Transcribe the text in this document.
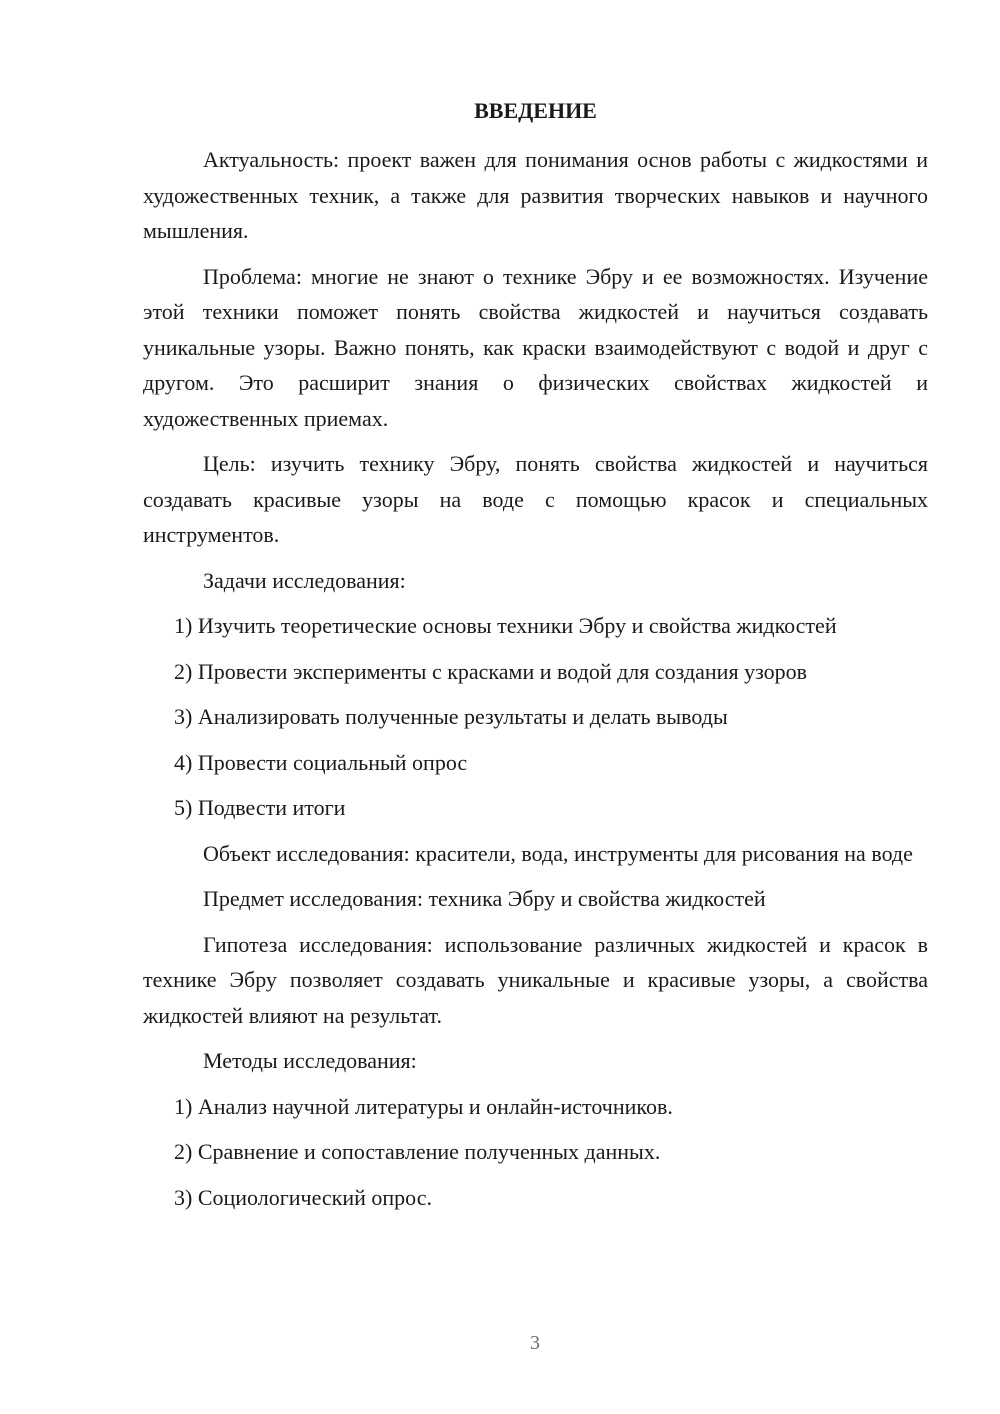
ВВЕДЕНИЕ

Актуальность: проект важен для понимания основ работы с жидкостями и художественных техник, а также для развития творческих навыков и научного мышления.

Проблема: многие не знают о технике Эбру и ее возможностях. Изучение этой техники поможет понять свойства жидкостей и научиться создавать уникальные узоры. Важно понять, как краски взаимодействуют с водой и друг с другом. Это расширит знания о физических свойствах жидкостей и художественных приемах.

Цель: изучить технику Эбру, понять свойства жидкостей и научиться создавать красивые узоры на воде с помощью красок и специальных инструментов.

Задачи исследования:

1) Изучить теоретические основы техники Эбру и свойства жидкостей
2) Провести эксперименты с красками и водой для создания узоров
3) Анализировать полученные результаты и делать выводы
4) Провести социальный опрос
5) Подвести итоги

Объект исследования: красители, вода, инструменты для рисования на воде

Предмет исследования: техника Эбру и свойства жидкостей

Гипотеза исследования: использование различных жидкостей и красок в технике Эбру позволяет создавать уникальные и красивые узоры, а свойства жидкостей влияют на результат.

Методы исследования:

1) Анализ научной литературы и онлайн-источников.
2) Сравнение и сопоставление полученных данных.
3) Социологический опрос.
3
